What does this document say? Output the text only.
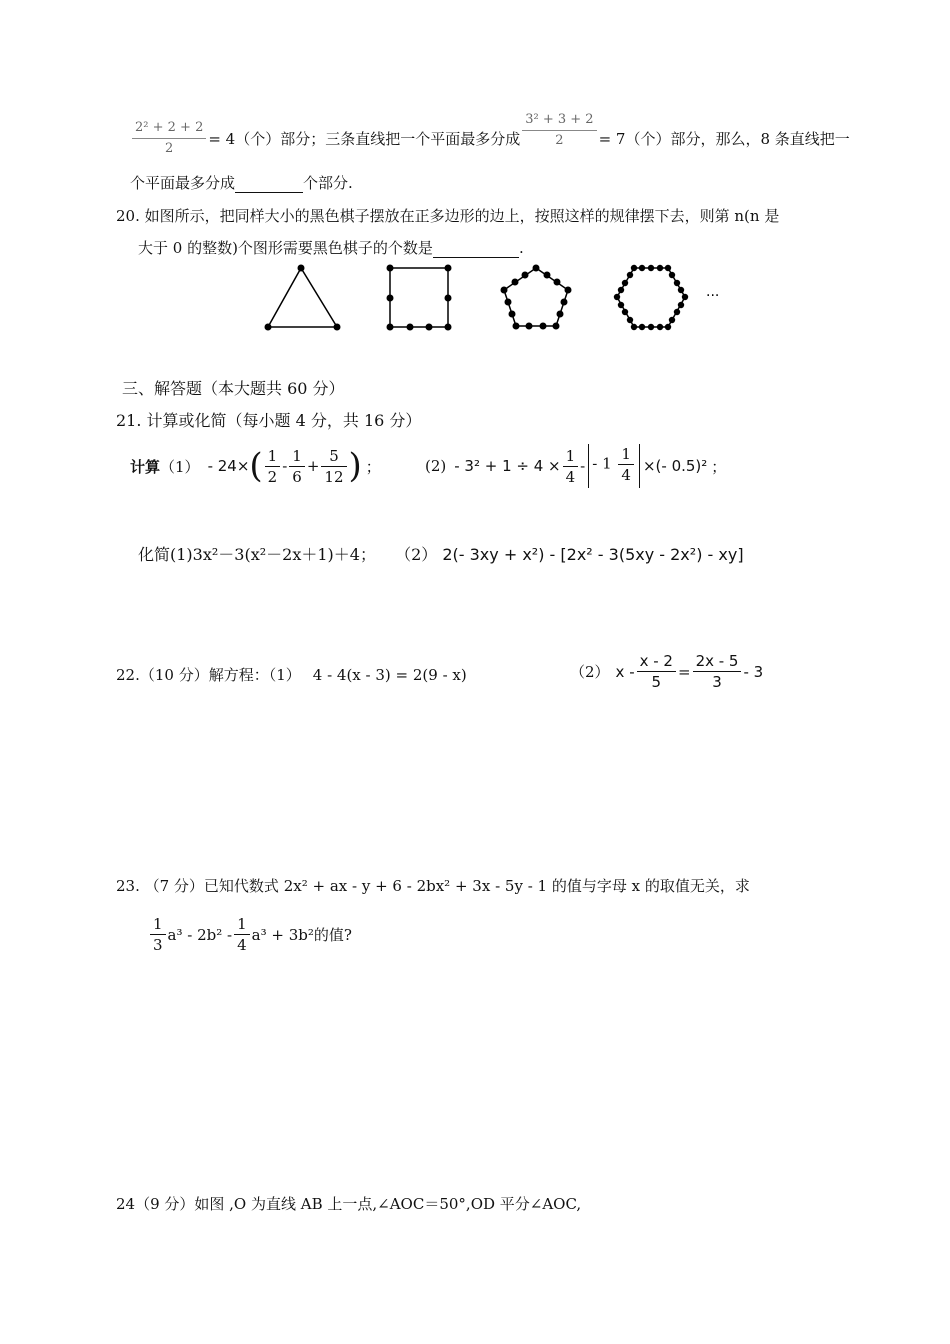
$\frac{\text{2² + 2 + 2}}{2} = 4$（个）部分；三条直线把一个平面最多分成 $\frac{\text{3² + 3 + 2}}{2} = 7$（个）部分，那么，8 条直线把一
个平面最多分成	个部分.
20. 如图所示，把同样大小的黑色棋子摆放在正多边形的边上，按照这样的规律摆下去，则第 n(n 是
大于 0 的整数)个图形需要黑色棋子的个数是	.
···
三、解答题（本大题共 60 分）
21. 计算或化简（每小题 4 分，共 16 分）
计算 （1） - 24× ( $\frac{1}{2} - \frac{1}{6} + \frac{5}{12}$ ) ；	$(2) - 3^2 + 1 \div 4 \times \frac{1}{4}$ - - $1 \frac{1}{4}$ ×(- 0.5)² ；
化简(1)3x²－3(x²－2x＋1)＋4； （2） 2(- 3xy + x²) - [2x² - 3(5xy - 2x²) - xy]
22.（10 分）解方程：（1） 4 - 4(x - 3) = 2(9 - x)	（2） $x - \frac{x - 2}{5} = \frac{2x - 5}{3} - 3$
23. （7 分）已知代数式 2x² + ax - y + 6 - 2bx² + 3x - 5y - 1 的值与字母 x 的取值无关，求
$\frac{1}{3} a^3 - 2b^2 - \frac{1}{4} a^3 + 3b^2$ 的值?
24（9 分）如图 ,O 为直线 AB 上一点,∠AOC＝50°,OD 平分∠AOC,
